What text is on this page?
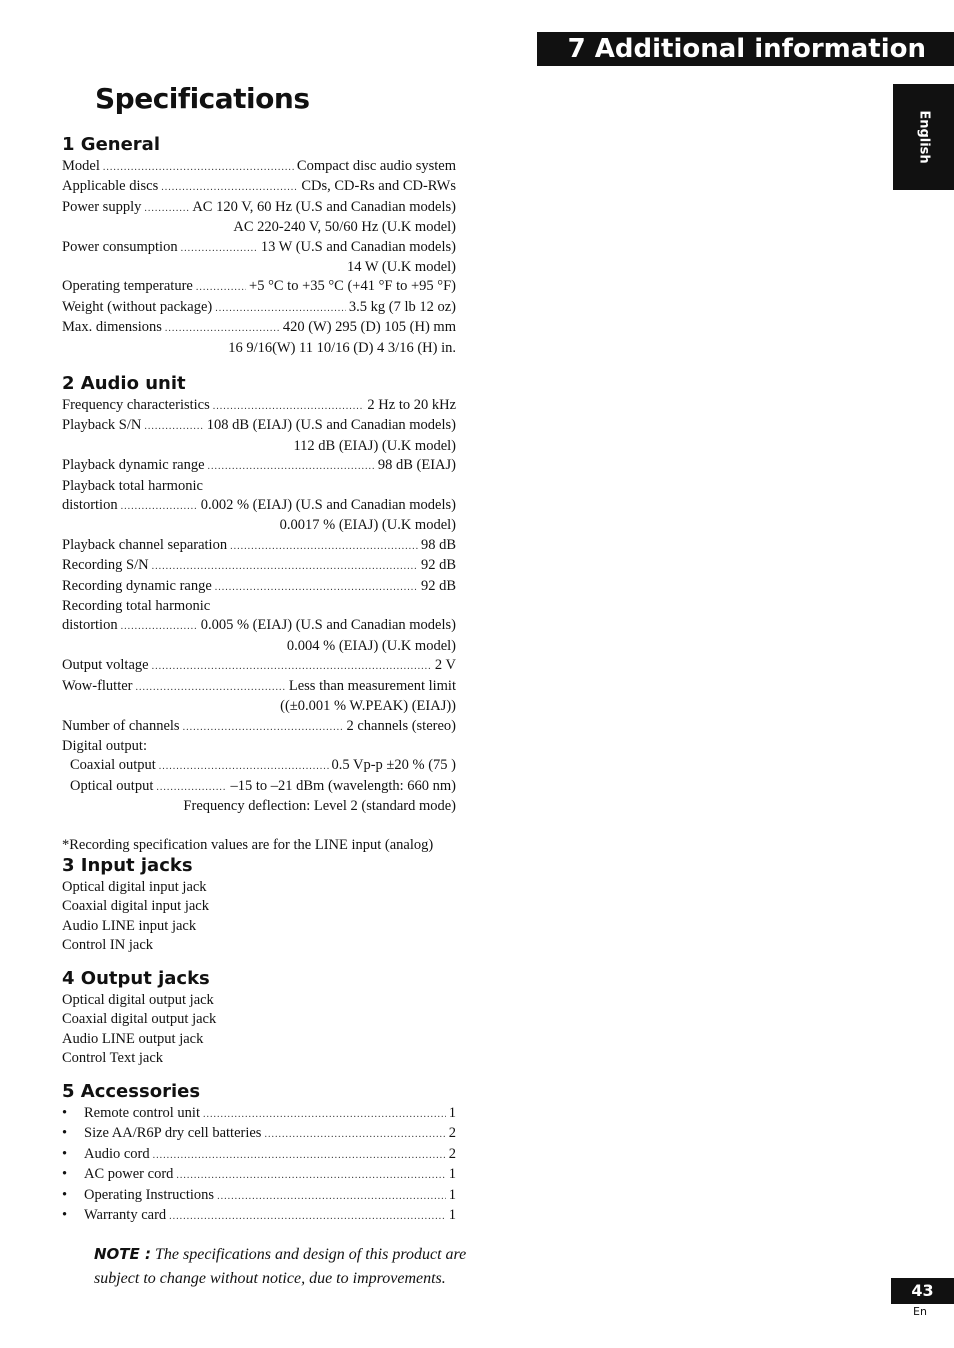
7 Additional information
English
Specifications
1 General
Model .....	Compact disc audio system
Applicable discs .....	CDs, CD-Rs and CD-RWs
Power supply .....	AC 120 V, 60 Hz (U.S and Canadian models)
AC 220-240 V, 50/60 Hz (U.K model)
Power consumption .....	13 W (U.S and Canadian models)
14 W (U.K model)
Operating temperature .....	+5 °C to +35 °C (+41 °F to +95 °F)
Weight (without package) .....	3.5 kg (7 lb 12 oz)
Max. dimensions .....	420 (W) 295 (D) 105 (H) mm
16 9/16(W) 11 10/16 (D) 4 3/16 (H) in.
2 Audio unit
Frequency characteristics .....	2 Hz to 20 kHz
Playback S/N .....	108 dB (EIAJ) (U.S and Canadian models)
112 dB (EIAJ) (U.K model)
Playback dynamic range .....	98 dB (EIAJ)
Playback total harmonic
distortion .....	0.002 % (EIAJ) (U.S and Canadian models)
0.0017 % (EIAJ) (U.K model)
Playback channel separation .....	98 dB
Recording S/N .....	92 dB
Recording dynamic range .....	92 dB
Recording total harmonic
distortion .....	0.005 % (EIAJ) (U.S and Canadian models)
0.004 % (EIAJ) (U.K model)
Output voltage .....	2 V
Wow-flutter .....	Less than measurement limit
((±0.001 % W.PEAK) (EIAJ))
Number of channels .....	2 channels (stereo)
Digital output:
Coaxial output .....	0.5 Vp-p ±20 % (75 )
Optical output .....	–15 to –21 dBm (wavelength: 660 nm)
Frequency deflection: Level 2 (standard mode)
*Recording specification values are for the LINE input (analog)
3 Input jacks
Optical digital input jack
Coaxial digital input jack
Audio LINE input jack
Control IN jack
4 Output jacks
Optical digital output jack
Coaxial digital output jack
Audio LINE output jack
Control Text jack
5 Accessories
•	Remote control unit .....	1
•	Size AA/R6P dry cell batteries .....	2
•	Audio cord .....	2
•	AC power cord .....	1
•	Operating Instructions .....	1
•	Warranty card .....	1
NOTE : The specifications and design of this product are subject to change without notice, due to improvements.
43
En
